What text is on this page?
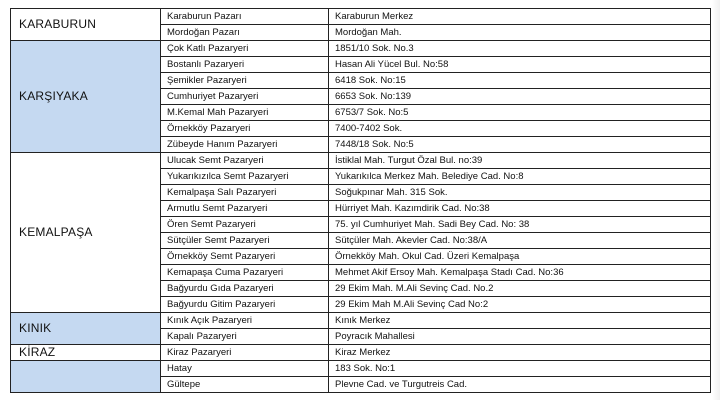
KARABURUN	Karaburun Pazarı	Karaburun Merkez
	Mordoğan Pazarı	Mordoğan Mah.
KARŞIYAKA	Çok Katlı Pazaryeri	1851/10 Sok. No.3
	Bostanlı Pazaryeri	Hasan Ali Yücel Bul. No:58
	Şemikler Pazaryeri	6418 Sok. No:15
	Cumhuriyet Pazaryeri	6653 Sok. No:139
	M.Kemal Mah Pazaryeri	6753/7 Sok. No:5
	Örnekköy Pazaryeri	7400-7402 Sok.
	Zübeyde Hanım Pazaryeri	7448/18 Sok. No:5
KEMALPAŞA	Ulucak Semt Pazaryeri	İstiklal Mah. Turgut Özal Bul. no:39
	Yukarıkızılca Semt Pazaryeri	Yukarıkılca Merkez Mah. Belediye Cad. No:8
	Kemalpaşa Salı Pazaryeri	Soğukpınar Mah. 315 Sok.
	Armutlu Semt Pazaryeri	Hürriyet Mah. Kazımdirik Cad. No:38
	Ören Semt Pazaryeri	75. yıl Cumhuriyet Mah. Sadi Bey Cad. No: 38
	Sütçüler Semt Pazaryeri	Sütçüler Mah. Akevler Cad. No:38/A
	Örnekköy Semt Pazaryeri	Örnekköy Mah. Okul Cad. Üzeri Kemalpaşa
	Kemapaşa Cuma Pazaryeri	Mehmet Akif Ersoy Mah. Kemalpaşa Stadı Cad. No:36
	Bağyurdu Gıda Pazaryeri	29 Ekim Mah. M.Ali Sevinç Cad. No.2
	Bağyurdu Gitim Pazaryeri	29 Ekim Mah M.Ali Sevinç Cad No:2
KINIK	Kınık Açık Pazaryeri	Kınık Merkez
	Kapalı Pazaryeri	Poyracık Mahallesi
KİRAZ	Kiraz Pazaryeri	Kiraz Merkez
	Hatay	183 Sok. No:1
	Gültepe	Plevne Cad. ve Turgutreis Cad.
